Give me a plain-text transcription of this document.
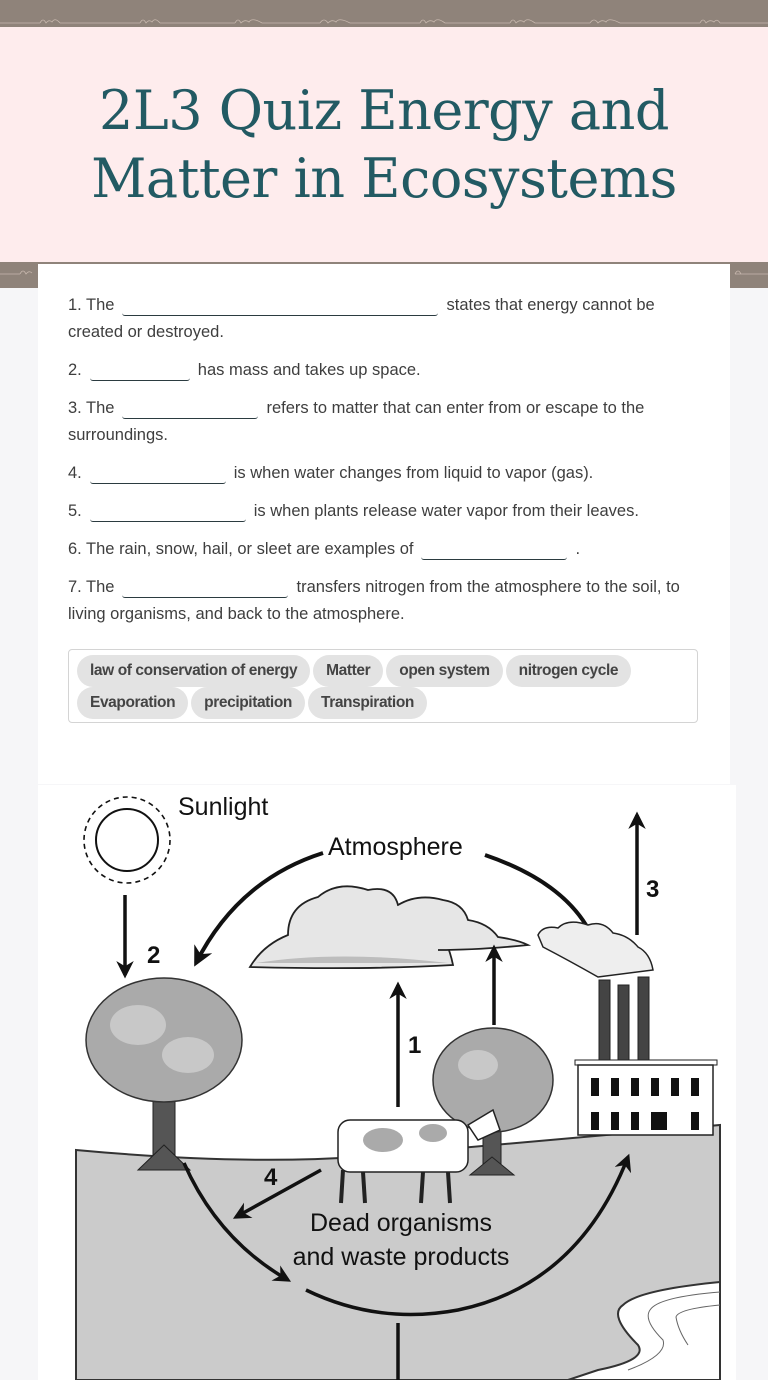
2L3 Quiz Energy and
Matter in Ecosystems

1. The	states that energy cannot be created or destroyed.

2.	has mass and takes up space.

3. The	refers to matter that can enter from or escape to the surroundings.

4.	is when water changes from liquid to vapor (gas).

5.	is when plants release water vapor from their leaves.

6. The rain, snow, hail, or sleet are examples of	.

7. The	transfers nitrogen from the atmosphere to the soil, to living organisms, and back to the atmosphere.

law of conservation of energy Matter open system nitrogen cycle
Evaporation precipitation Transpiration
Sunlight
Atmosphere
2
1
3
4
Dead organisms
and waste products
